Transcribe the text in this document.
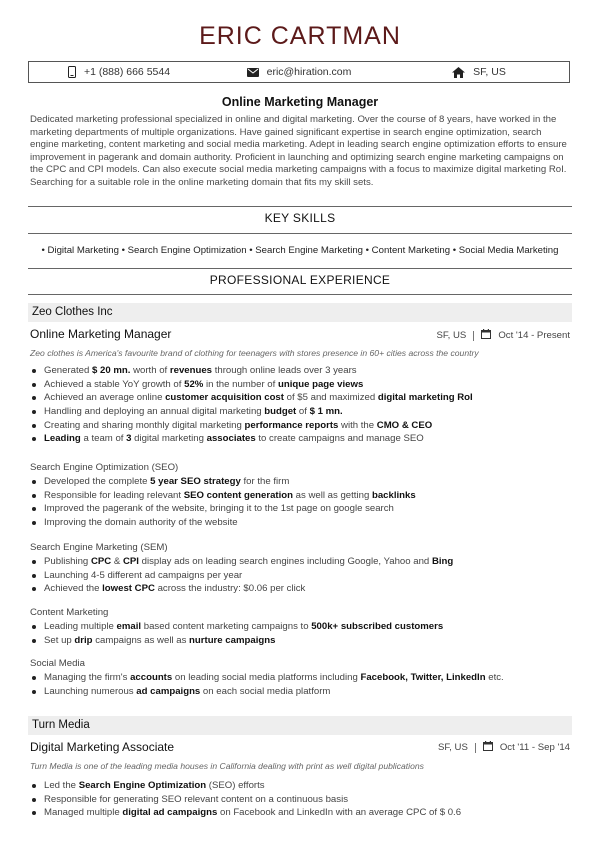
ERIC CARTMAN
+1 (888) 666 5544	eric@hiration.com	SF, US
Online Marketing Manager
Dedicated marketing professional specialized in online and digital marketing. Over the course of 8 years, have worked in the marketing departments of multiple organizations. Have gained significant expertise in search engine optimization, search engine marketing, content marketing and social media marketing. Adept in leading search engine optimization efforts to ensure improvement in pagerank and domain authority. Proficient in launching and optimizing search engine marketing campaigns on the CPC and CPI models. Can also execute social media marketing campaigns with a focus to maximize digital marketing RoI. Searching for a suitable role in the online marketing domain that fits my skill sets.
KEY SKILLS
• Digital Marketing • Search Engine Optimization • Search Engine Marketing • Content Marketing • Social Media Marketing
PROFESSIONAL EXPERIENCE
Zeo Clothes Inc
Online Marketing Manager	SF, US	Oct '14 - Present
Zeo clothes is America's favourite brand of clothing for teenagers with stores presence in 60+ cities across the country
Generated $ 20 mn. worth of revenues through online leads over 3 years
Achieved a stable YoY growth of 52% in the number of unique page views
Achieved an average online customer acquisition cost of $5 and maximized digital marketing RoI
Handling and deploying an annual digital marketing budget of $ 1 mn.
Creating and sharing monthly digital marketing performance reports with the CMO & CEO
Leading a team of 3 digital marketing associates to create campaigns and manage SEO
Search Engine Optimization (SEO)
Developed the complete 5 year SEO strategy for the firm
Responsible for leading relevant SEO content generation as well as getting backlinks
Improved the pagerank of the website, bringing it to the 1st page on google search
Improving the domain authority of the website
Search Engine Marketing (SEM)
Publishing CPC & CPI display ads on leading search engines including Google, Yahoo and Bing
Launching 4-5 different ad campaigns per year
Achieved the lowest CPC across the industry: $0.06 per click
Content Marketing
Leading multiple email based content marketing campaigns to 500k+ subscribed customers
Set up drip campaigns as well as nurture campaigns
Social Media
Managing the firm's accounts on leading social media platforms including Facebook, Twitter, LinkedIn etc.
Launching numerous ad campaigns on each social media platform
Turn Media
Digital Marketing Associate	SF, US	Oct '11 - Sep '14
Turn Media is one of the leading media houses in California dealing with print as well digital publications
Led the Search Engine Optimization (SEO) efforts
Responsible for generating SEO relevant content on a continuous basis
Managed multiple digital ad campaigns on Facebook and LinkedIn with an average CPC of $ 0.6
